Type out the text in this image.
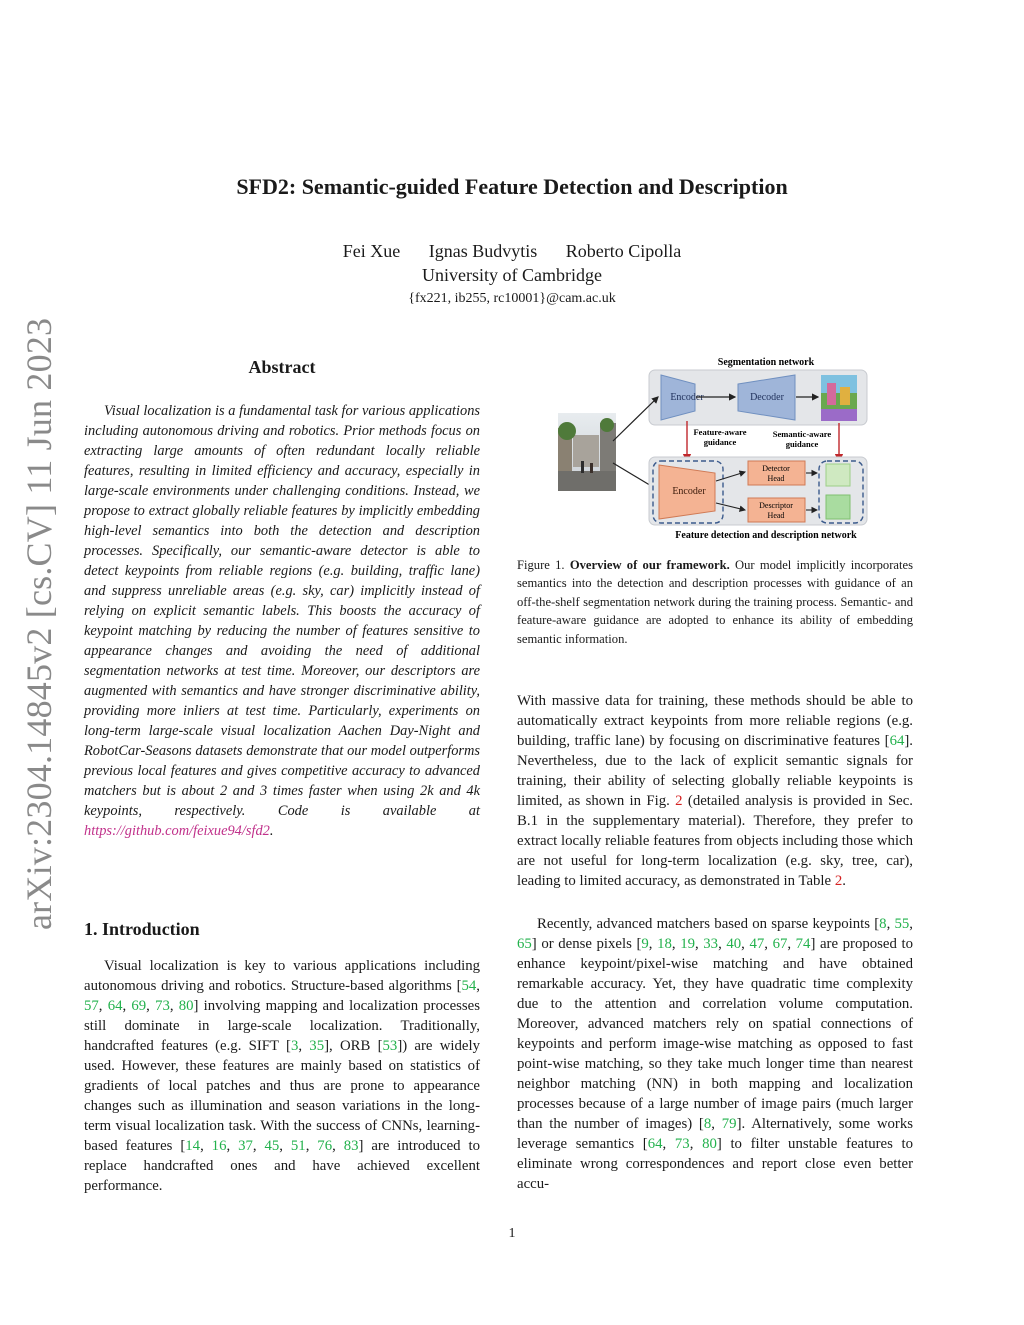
SFD2: Semantic-guided Feature Detection and Description
Fei Xue Ignas Budvytis Roberto Cipolla
University of Cambridge
{fx221, ib255, rc10001}@cam.ac.uk
arXiv:2304.14845v2 [cs.CV] 11 Jun 2023	Abstract
Visual localization is a fundamental task for various applications including autonomous driving and robotics. Prior methods focus on extracting large amounts of often redundant locally reliable features, resulting in limited efficiency and accuracy, especially in large-scale environments under challenging conditions. Instead, we propose to extract globally reliable features by implicitly embedding high-level semantics into both the detection and description processes. Specifically, our semantic-aware detector is able to detect keypoints from reliable regions (e.g. building, traffic lane) and suppress unreliable areas (e.g. sky, car) implicitly instead of relying on explicit semantic labels. This boosts the accuracy of keypoint matching by reducing the number of features sensitive to appearance changes and avoiding the need of additional segmentation networks at test time. Moreover, our descriptors are augmented with semantics and have stronger discriminative ability, providing more inliers at test time. Particularly, experiments on long-term large-scale visual localization Aachen Day-Night and RobotCar-Seasons datasets demonstrate that our model outperforms previous local features and gives competitive accuracy to advanced matchers but is about 2 and 3 times faster when using 2k and 4k keypoints, respectively. Code is available at https://github.com/feixue94/sfd2.
1. Introduction
Visual localization is key to various applications including autonomous driving and robotics. Structure-based algorithms [54, 57, 64, 69, 73, 80] involving mapping and localization processes still dominate in large-scale localization. Traditionally, handcrafted features (e.g. SIFT [3, 35], ORB [53]) are widely used. However, these features are mainly based on statistics of gradients of local patches and thus are prone to appearance changes such as illumination and season variations in the long-term visual localization task. With the success of CNNs, learning-based features [14, 16, 37, 45, 51, 76, 83] are introduced to replace handcrafted ones and have achieved excellent performance.
Segmentation network
Encoder	Decoder
Feature-aware
guidance
Semantic-aware
guidance
Encoder
Detector
Head
Descriptor
Head
Feature detection and description network
Figure 1. Overview of our framework. Our model implicitly incorporates semantics into the detection and description processes with guidance of an off-the-shelf segmentation network during the training process. Semantic- and feature-aware guidance are adopted to enhance its ability of embedding semantic information.
With massive data for training, these methods should be able to automatically extract keypoints from more reliable regions (e.g. building, traffic lane) by focusing on discriminative features [64]. Nevertheless, due to the lack of explicit semantic signals for training, their ability of selecting globally reliable keypoints is limited, as shown in Fig. 2 (detailed analysis is provided in Sec. B.1 in the supplementary material). Therefore, they prefer to extract locally reliable features from objects including those which are not useful for long-term localization (e.g. sky, tree, car), leading to limited accuracy, as demonstrated in Table 2.
Recently, advanced matchers based on sparse keypoints [8, 55, 65] or dense pixels [9, 18, 19, 33, 40, 47, 67, 74] are proposed to enhance keypoint/pixel-wise matching and have obtained remarkable accuracy. Yet, they have quadratic time complexity due to the attention and correlation volume computation. Moreover, advanced matchers rely on spatial connections of keypoints and perform image-wise matching as opposed to fast point-wise matching, so they take much longer time than nearest neighbor matching (NN) in both mapping and localization processes because of a large number of image pairs (much larger than the number of images) [8, 79]. Alternatively, some works leverage semantics [64, 73, 80] to filter unstable features to eliminate wrong correspondences and report close even better accu-
1
